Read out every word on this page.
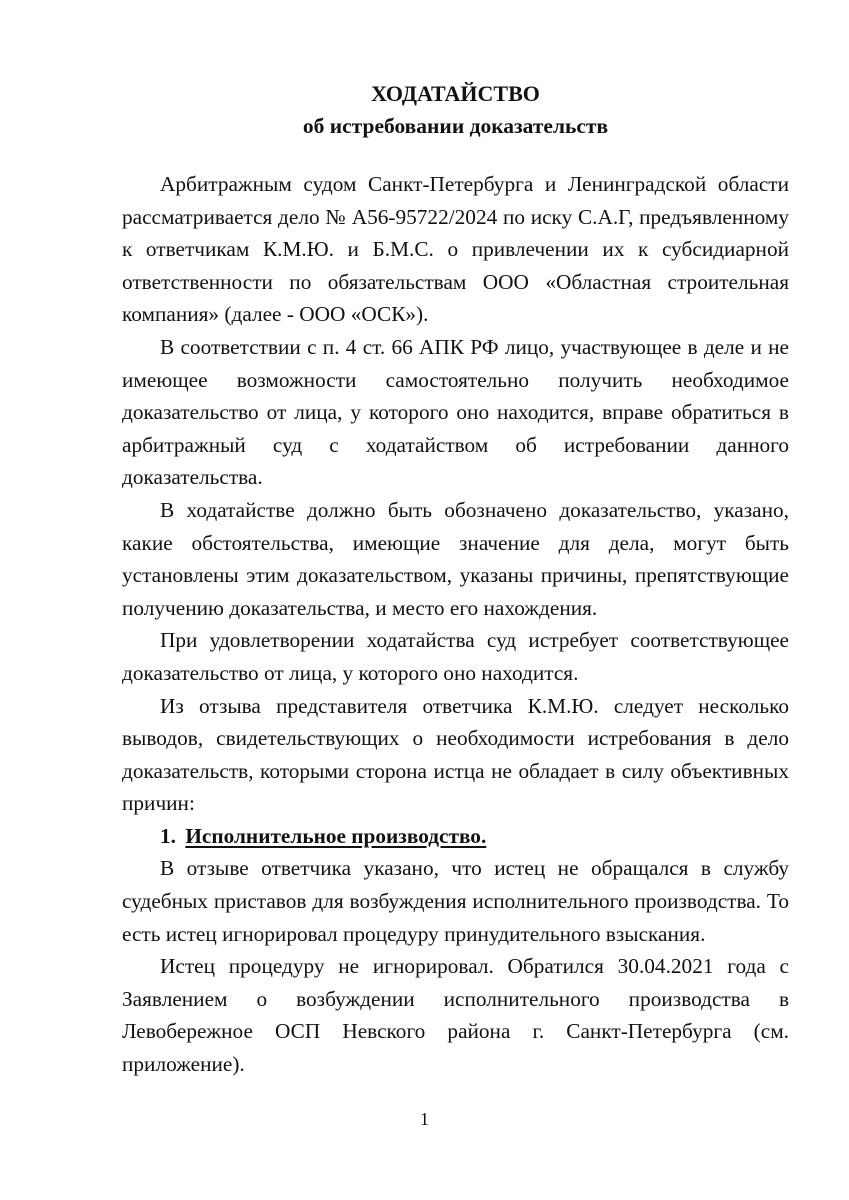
ХОДАТАЙСТВО

об истребовании доказательств

Арбитражным судом Санкт-Петербурга и Ленинградской области рассматривается дело № А56-95722/2024 по иску С.А.Г, предъявленному к ответчикам К.М.Ю. и Б.М.С. о привлечении их к субсидиарной ответственности по обязательствам ООО «Областная строительная компания» (далее - ООО «ОСК»).

В соответствии с п. 4 ст. 66 АПК РФ лицо, участвующее в деле и не имеющее возможности самостоятельно получить необходимое доказательство от лица, у которого оно находится, вправе обратиться в арбитражный суд с ходатайством об истребовании данного доказательства.

В ходатайстве должно быть обозначено доказательство, указано, какие обстоятельства, имеющие значение для дела, могут быть установлены этим доказательством, указаны причины, препятствующие получению доказательства, и место его нахождения.

При удовлетворении ходатайства суд истребует соответствующее доказательство от лица, у которого оно находится.

Из отзыва представителя ответчика К.М.Ю. следует несколько выводов, свидетельствующих о необходимости истребования в дело доказательств, которыми сторона истца не обладает в силу объективных причин:

1. Исполнительное производство.

В отзыве ответчика указано, что истец не обращался в службу судебных приставов для возбуждения исполнительного производства. То есть истец игнорировал процедуру принудительного взыскания.

Истец процедуру не игнорировал. Обратился 30.04.2021 года с Заявлением о возбуждении исполнительного производства в Левобережное ОСП Невского района г. Санкт-Петербурга (см. приложение).

1
